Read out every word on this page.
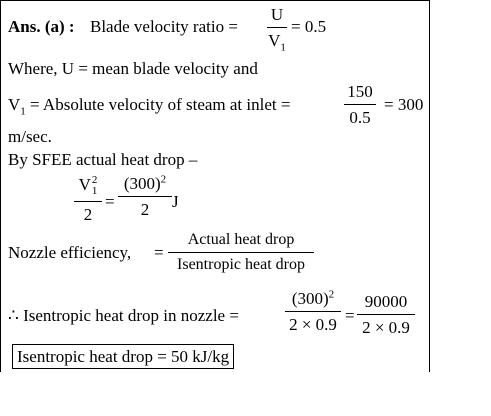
Ans. (a) : Blade velocity ratio =
U
$V_1$
= 0.5
Where, U = mean blade velocity and
$V_1$ = Absolute velocity of steam at inlet =
150
0.5
= 300
m/sec.
By SFEE actual heat drop –
V 2
1
2
=
$(300)^2$
2 J
Nozzle efficiency, =
Actual heat drop
Isentropic heat drop
∴ Isentropic heat drop in nozzle =
$(300)^2$
2 × 0.9 =
90000
2 × 0.9
Isentropic heat drop = 50 kJ/kg
